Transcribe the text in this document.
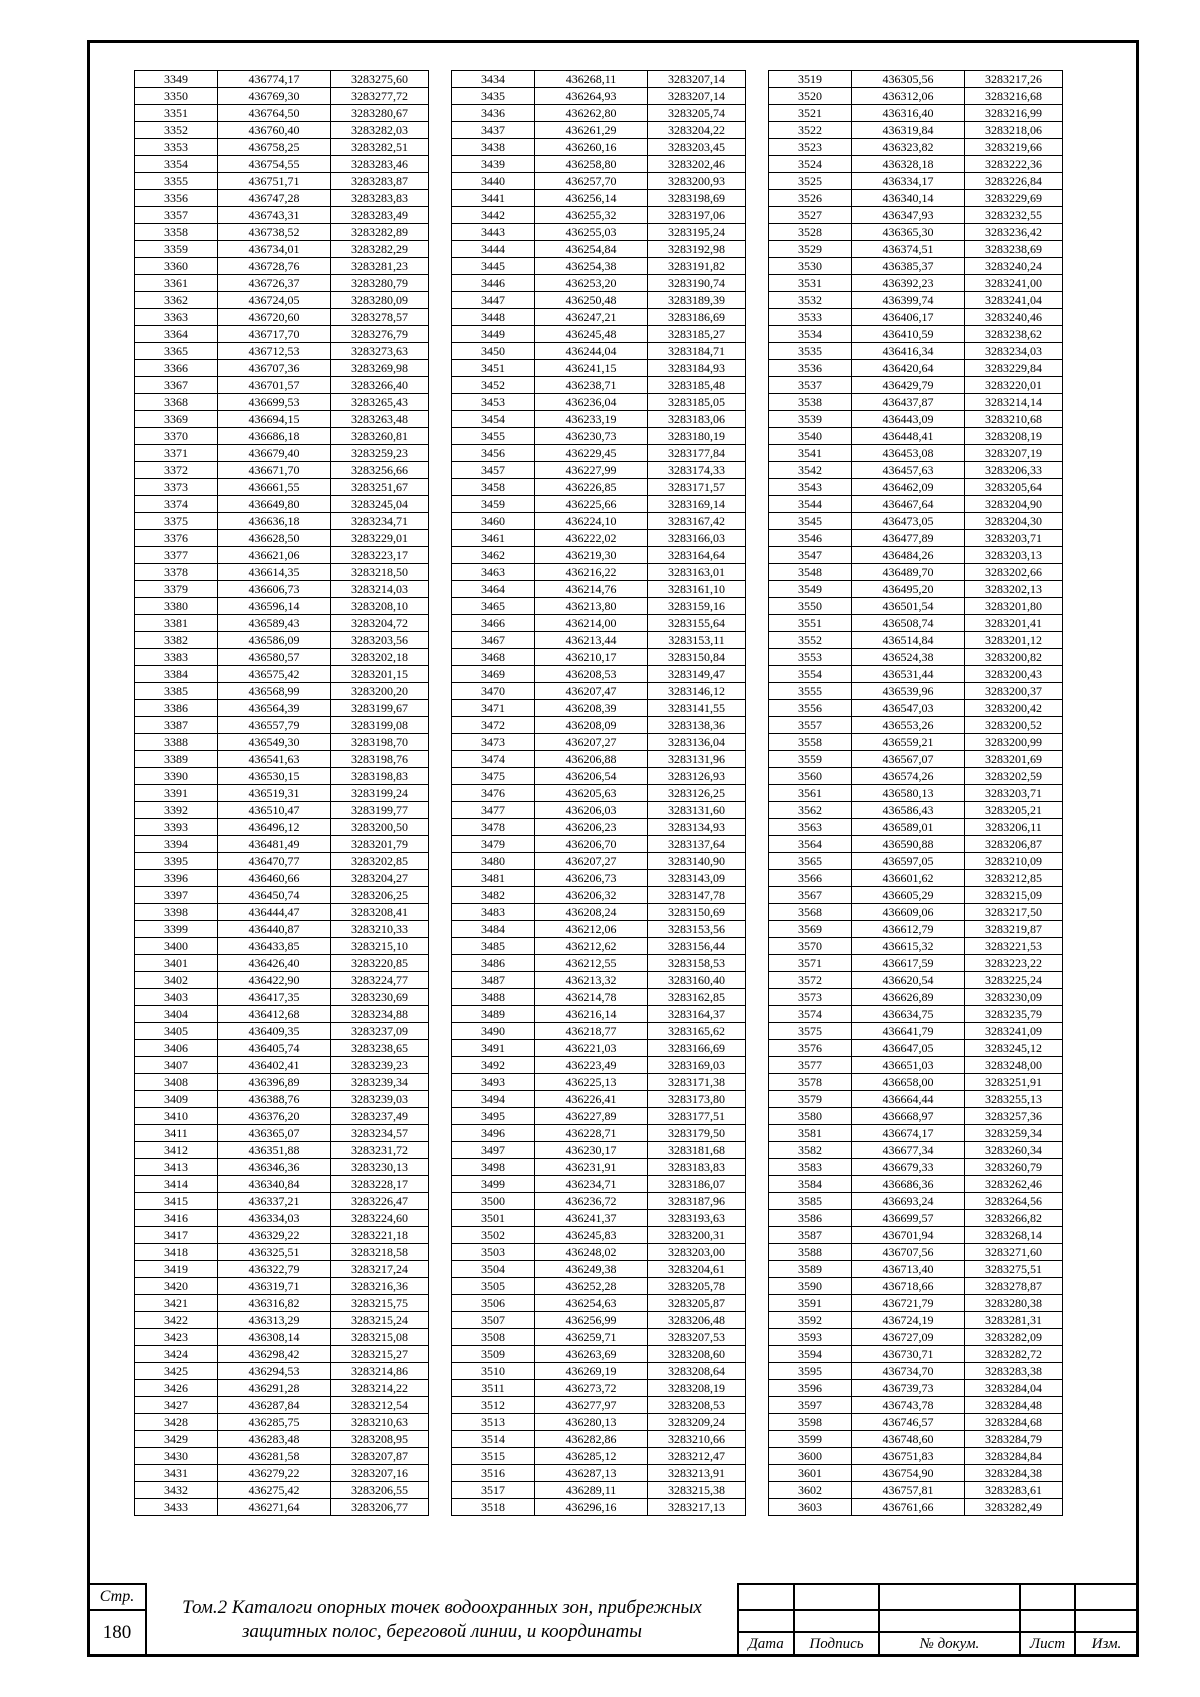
3349	436774,17	3283275,60
3350	436769,30	3283277,72
3351	436764,50	3283280,67
3352	436760,40	3283282,03
3353	436758,25	3283282,51
3354	436754,55	3283283,46
3355	436751,71	3283283,87
3356	436747,28	3283283,83
3357	436743,31	3283283,49
3358	436738,52	3283282,89
3359	436734,01	3283282,29
3360	436728,76	3283281,23
3361	436726,37	3283280,79
3362	436724,05	3283280,09
3363	436720,60	3283278,57
3364	436717,70	3283276,79
3365	436712,53	3283273,63
3366	436707,36	3283269,98
3367	436701,57	3283266,40
3368	436699,53	3283265,43
3369	436694,15	3283263,48
3370	436686,18	3283260,81
3371	436679,40	3283259,23
3372	436671,70	3283256,66
3373	436661,55	3283251,67
3374	436649,80	3283245,04
3375	436636,18	3283234,71
3376	436628,50	3283229,01
3377	436621,06	3283223,17
3378	436614,35	3283218,50
3379	436606,73	3283214,03
3380	436596,14	3283208,10
3381	436589,43	3283204,72
3382	436586,09	3283203,56
3383	436580,57	3283202,18
3384	436575,42	3283201,15
3385	436568,99	3283200,20
3386	436564,39	3283199,67
3387	436557,79	3283199,08
3388	436549,30	3283198,70
3389	436541,63	3283198,76
3390	436530,15	3283198,83
3391	436519,31	3283199,24
3392	436510,47	3283199,77
3393	436496,12	3283200,50
3394	436481,49	3283201,79
3395	436470,77	3283202,85
3396	436460,66	3283204,27
3397	436450,74	3283206,25
3398	436444,47	3283208,41
3399	436440,87	3283210,33
3400	436433,85	3283215,10
3401	436426,40	3283220,85
3402	436422,90	3283224,77
3403	436417,35	3283230,69
3404	436412,68	3283234,88
3405	436409,35	3283237,09
3406	436405,74	3283238,65
3407	436402,41	3283239,23
3408	436396,89	3283239,34
3409	436388,76	3283239,03
3410	436376,20	3283237,49
3411	436365,07	3283234,57
3412	436351,88	3283231,72
3413	436346,36	3283230,13
3414	436340,84	3283228,17
3415	436337,21	3283226,47
3416	436334,03	3283224,60
3417	436329,22	3283221,18
3418	436325,51	3283218,58
3419	436322,79	3283217,24
3420	436319,71	3283216,36
3421	436316,82	3283215,75
3422	436313,29	3283215,24
3423	436308,14	3283215,08
3424	436298,42	3283215,27
3425	436294,53	3283214,86
3426	436291,28	3283214,22
3427	436287,84	3283212,54
3428	436285,75	3283210,63
3429	436283,48	3283208,95
3430	436281,58	3283207,87
3431	436279,22	3283207,16
3432	436275,42	3283206,55
3433	436271,64	3283206,77
3434	436268,11	3283207,14
3435	436264,93	3283207,14
3436	436262,80	3283205,74
3437	436261,29	3283204,22
3438	436260,16	3283203,45
3439	436258,80	3283202,46
3440	436257,70	3283200,93
3441	436256,14	3283198,69
3442	436255,32	3283197,06
3443	436255,03	3283195,24
3444	436254,84	3283192,98
3445	436254,38	3283191,82
3446	436253,20	3283190,74
3447	436250,48	3283189,39
3448	436247,21	3283186,69
3449	436245,48	3283185,27
3450	436244,04	3283184,71
3451	436241,15	3283184,93
3452	436238,71	3283185,48
3453	436236,04	3283185,05
3454	436233,19	3283183,06
3455	436230,73	3283180,19
3456	436229,45	3283177,84
3457	436227,99	3283174,33
3458	436226,85	3283171,57
3459	436225,66	3283169,14
3460	436224,10	3283167,42
3461	436222,02	3283166,03
3462	436219,30	3283164,64
3463	436216,22	3283163,01
3464	436214,76	3283161,10
3465	436213,80	3283159,16
3466	436214,00	3283155,64
3467	436213,44	3283153,11
3468	436210,17	3283150,84
3469	436208,53	3283149,47
3470	436207,47	3283146,12
3471	436208,39	3283141,55
3472	436208,09	3283138,36
3473	436207,27	3283136,04
3474	436206,88	3283131,96
3475	436206,54	3283126,93
3476	436205,63	3283126,25
3477	436206,03	3283131,60
3478	436206,23	3283134,93
3479	436206,70	3283137,64
3480	436207,27	3283140,90
3481	436206,73	3283143,09
3482	436206,32	3283147,78
3483	436208,24	3283150,69
3484	436212,06	3283153,56
3485	436212,62	3283156,44
3486	436212,55	3283158,53
3487	436213,32	3283160,40
3488	436214,78	3283162,85
3489	436216,14	3283164,37
3490	436218,77	3283165,62
3491	436221,03	3283166,69
3492	436223,49	3283169,03
3493	436225,13	3283171,38
3494	436226,41	3283173,80
3495	436227,89	3283177,51
3496	436228,71	3283179,50
3497	436230,17	3283181,68
3498	436231,91	3283183,83
3499	436234,71	3283186,07
3500	436236,72	3283187,96
3501	436241,37	3283193,63
3502	436245,83	3283200,31
3503	436248,02	3283203,00
3504	436249,38	3283204,61
3505	436252,28	3283205,78
3506	436254,63	3283205,87
3507	436256,99	3283206,48
3508	436259,71	3283207,53
3509	436263,69	3283208,60
3510	436269,19	3283208,64
3511	436273,72	3283208,19
3512	436277,97	3283208,53
3513	436280,13	3283209,24
3514	436282,86	3283210,66
3515	436285,12	3283212,47
3516	436287,13	3283213,91
3517	436289,11	3283215,38
3518	436296,16	3283217,13
3519	436305,56	3283217,26
3520	436312,06	3283216,68
3521	436316,40	3283216,99
3522	436319,84	3283218,06
3523	436323,82	3283219,66
3524	436328,18	3283222,36
3525	436334,17	3283226,84
3526	436340,14	3283229,69
3527	436347,93	3283232,55
3528	436365,30	3283236,42
3529	436374,51	3283238,69
3530	436385,37	3283240,24
3531	436392,23	3283241,00
3532	436399,74	3283241,04
3533	436406,17	3283240,46
3534	436410,59	3283238,62
3535	436416,34	3283234,03
3536	436420,64	3283229,84
3537	436429,79	3283220,01
3538	436437,87	3283214,14
3539	436443,09	3283210,68
3540	436448,41	3283208,19
3541	436453,08	3283207,19
3542	436457,63	3283206,33
3543	436462,09	3283205,64
3544	436467,64	3283204,90
3545	436473,05	3283204,30
3546	436477,89	3283203,71
3547	436484,26	3283203,13
3548	436489,70	3283202,66
3549	436495,20	3283202,13
3550	436501,54	3283201,80
3551	436508,74	3283201,41
3552	436514,84	3283201,12
3553	436524,38	3283200,82
3554	436531,44	3283200,43
3555	436539,96	3283200,37
3556	436547,03	3283200,42
3557	436553,26	3283200,52
3558	436559,21	3283200,99
3559	436567,07	3283201,69
3560	436574,26	3283202,59
3561	436580,13	3283203,71
3562	436586,43	3283205,21
3563	436589,01	3283206,11
3564	436590,88	3283206,87
3565	436597,05	3283210,09
3566	436601,62	3283212,85
3567	436605,29	3283215,09
3568	436609,06	3283217,50
3569	436612,79	3283219,87
3570	436615,32	3283221,53
3571	436617,59	3283223,22
3572	436620,54	3283225,24
3573	436626,89	3283230,09
3574	436634,75	3283235,79
3575	436641,79	3283241,09
3576	436647,05	3283245,12
3577	436651,03	3283248,00
3578	436658,00	3283251,91
3579	436664,44	3283255,13
3580	436668,97	3283257,36
3581	436674,17	3283259,34
3582	436677,34	3283260,34
3583	436679,33	3283260,79
3584	436686,36	3283262,46
3585	436693,24	3283264,56
3586	436699,57	3283266,82
3587	436701,94	3283268,14
3588	436707,56	3283271,60
3589	436713,40	3283275,51
3590	436718,66	3283278,87
3591	436721,79	3283280,38
3592	436724,19	3283281,31
3593	436727,09	3283282,09
3594	436730,71	3283282,72
3595	436734,70	3283283,38
3596	436739,73	3283284,04
3597	436743,78	3283284,48
3598	436746,57	3283284,68
3599	436748,60	3283284,79
3600	436751,83	3283284,84
3601	436754,90	3283284,38
3602	436757,81	3283283,61
3603	436761,66	3283282,49
Стр.
180
Том.2 Каталоги опорных точек водоохранных зон, прибрежных защитных полос, береговой линии, и координаты
Дата	Подпись	№ докум.	Лист	Изм.
